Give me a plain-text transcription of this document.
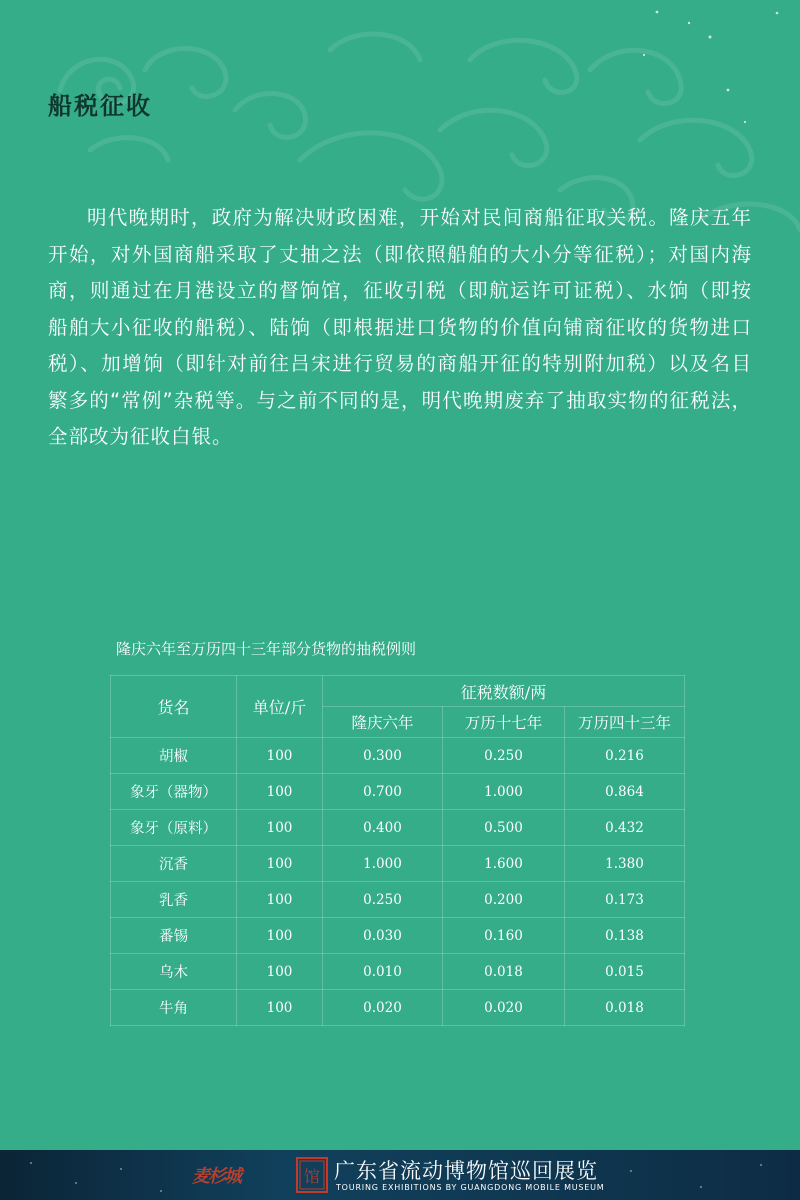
船税征收

明代晚期时，政府为解决财政困难，开始对民间商船征取关税。隆庆五年开始，对外国商船采取了丈抽之法（即依照船舶的大小分等征税）；对国内海商，则通过在月港设立的督饷馆，征收引税（即航运许可证税）、水饷（即按船舶大小征收的船税）、陆饷（即根据进口货物的价值向铺商征收的货物进口税）、加增饷（即针对前往吕宋进行贸易的商船开征的特别附加税）以及名目繁多的“常例”杂税等。与之前不同的是，明代晚期废弃了抽取实物的征税法，全部改为征收白银。

隆庆六年至万历四十三年部分货物的抽税例则
货名	单位/斤	征税数额/两		
		隆庆六年	万历十七年	万历四十三年
胡椒	100	0.300	0.250	0.216
象牙（器物）	100	0.700	1.000	0.864
象牙（原料）	100	0.400	0.500	0.432
沉香	100	1.000	1.600	1.380
乳香	100	0.250	0.200	0.173
番锡	100	0.030	0.160	0.138
乌木	100	0.010	0.018	0.015
牛角	100	0.020	0.020	0.018
麦杉城	馆 广东省流动博物馆巡回展览
TOURING EXHIBITIONS BY GUANGDONG MOBILE MUSEUM
